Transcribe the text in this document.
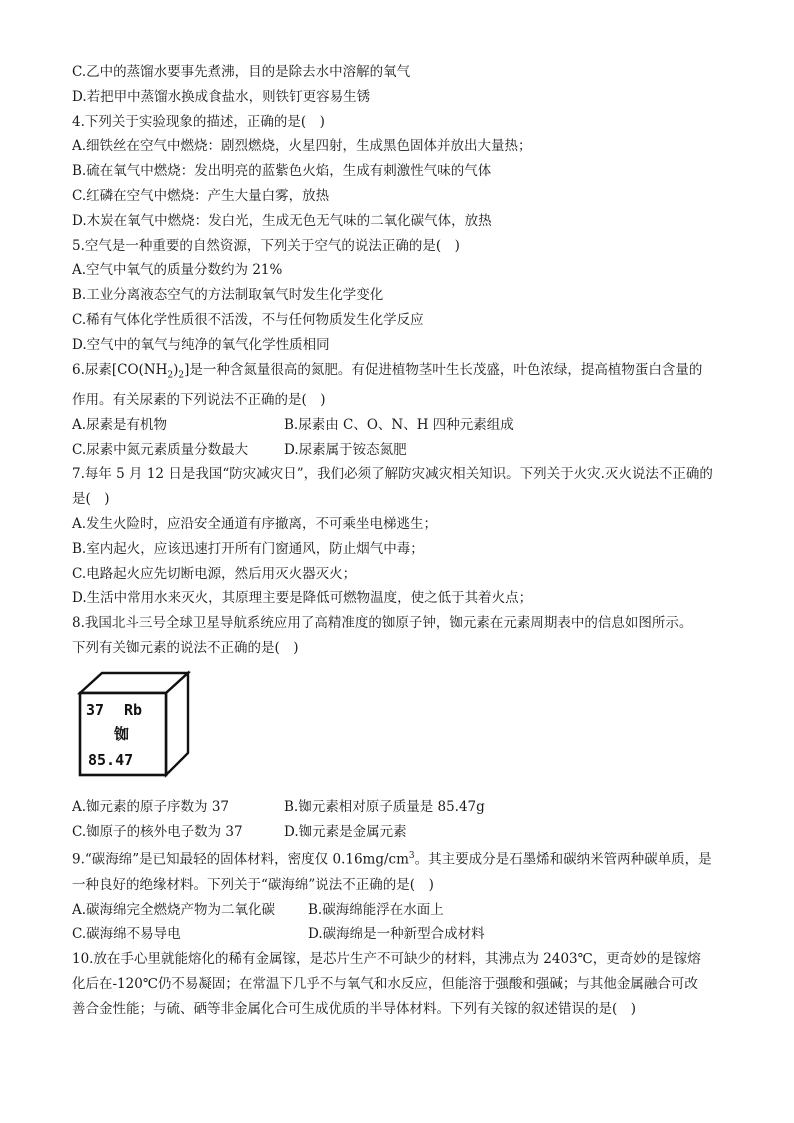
C.乙中的蒸馏水要事先煮沸，目的是除去水中溶解的氧气
D.若把甲中蒸馏水换成食盐水，则铁钉更容易生锈
4.下列关于实验现象的描述，正确的是(　)
A.细铁丝在空气中燃烧：剧烈燃烧，火星四射，生成黑色固体并放出大量热；
B.硫在氧气中燃烧：发出明亮的蓝紫色火焰，生成有刺激性气味的气体
C.红磷在空气中燃烧：产生大量白雾，放热
D.木炭在氧气中燃烧：发白光，生成无色无气味的二氧化碳气体，放热
5.空气是一种重要的自然资源，下列关于空气的说法正确的是(　)
A.空气中氧气的质量分数约为 21%
B.工业分离液态空气的方法制取氧气时发生化学变化
C.稀有气体化学性质很不活泼，不与任何物质发生化学反应
D.空气中的氧气与纯净的氧气化学性质相同
6.尿素$[CO(NH_2)_2]$是一种含氮量很高的氮肥。有促进植物茎叶生长茂盛，叶色浓绿，提高植物蛋白含量的
作用。有关尿素的下列说法不正确的是(　)
A.尿素是有机物	B.尿素由 C、O、N、H 四种元素组成
C.尿素中氮元素质量分数最大	D.尿素属于铵态氮肥
7.每年 5 月 12 日是我国“防灾减灾日”，我们必须了解防灾减灾相关知识。下列关于火灾.灭火说法不正确的
是(　)
A.发生火险时，应沿安全通道有序撤离，不可乘坐电梯逃生；
B.室内起火，应该迅速打开所有门窗通风，防止烟气中毒；
C.电路起火应先切断电源，然后用灭火器灭火；
D.生活中常用水来灭火，其原理主要是降低可燃物温度，使之低于其着火点；
8.我国北斗三号全球卫星导航系统应用了高精准度的铷原子钟，铷元素在元素周期表中的信息如图所示。
下列有关铷元素的说法不正确的是(　)
37 Rb
铷
85.47
A.铷元素的原子序数为 37	B.铷元素相对原子质量是 85.47g
C.铷原子的核外电子数为 37	D.铷元素是金属元素
9.“碳海绵”是已知最轻的固体材料，密度仅 $0.16mg/cm^3$。其主要成分是石墨烯和碳纳米管两种碳单质，是
一种良好的绝缘材料。下列关于“碳海绵”说法不正确的是(　)
A.碳海绵完全燃烧产物为二氧化碳	B.碳海绵能浮在水面上
C.碳海绵不易导电	D.碳海绵是一种新型合成材料
10.放在手心里就能熔化的稀有金属镓，是芯片生产不可缺少的材料，其沸点为 2403℃，更奇妙的是镓熔
化后在-120℃仍不易凝固；在常温下几乎不与氧气和水反应，但能溶于强酸和强碱；与其他金属融合可改
善合金性能；与硫、硒等非金属化合可生成优质的半导体材料。下列有关镓的叙述错误的是(　)
